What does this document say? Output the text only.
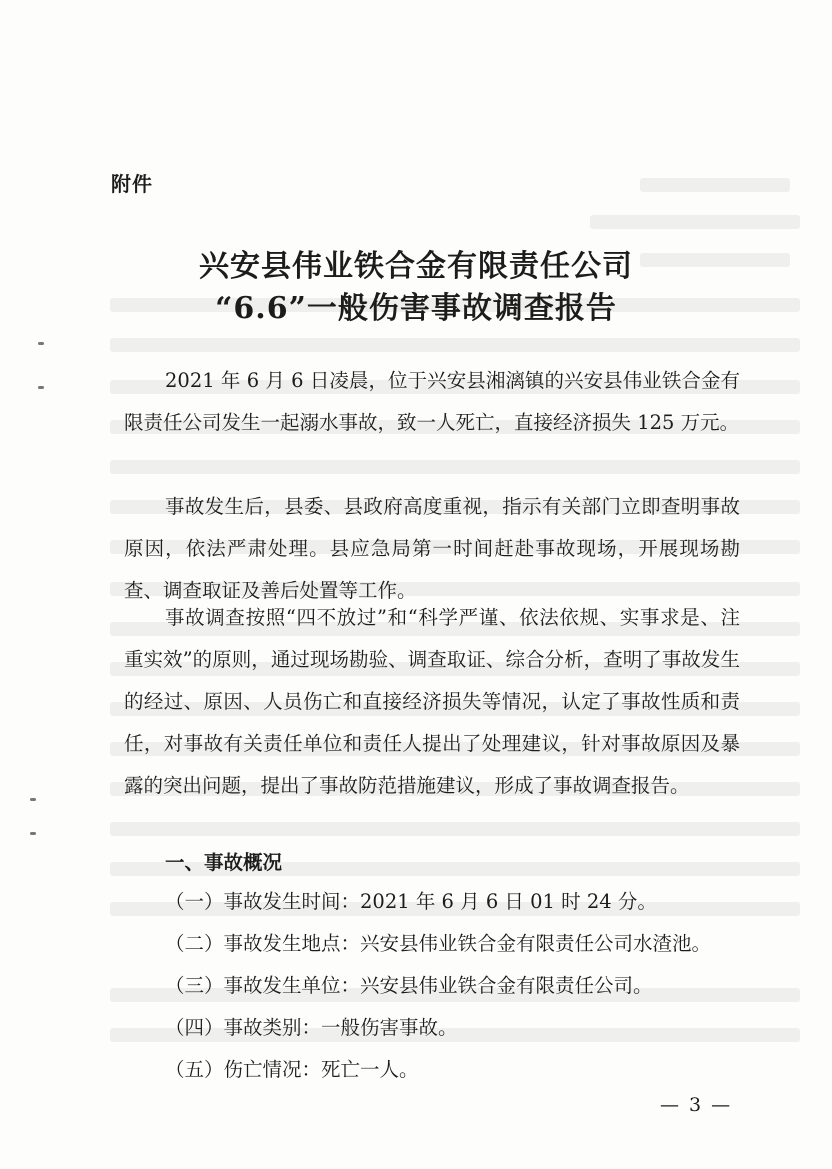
附件
兴安县伟业铁合金有限责任公司
“6.6”一般伤害事故调查报告

2021 年 6 月 6 日凌晨，位于兴安县湘漓镇的兴安县伟业铁合金有限责任公司发生一起溺水事故，致一人死亡，直接经济损失 125 万元。

事故发生后，县委、县政府高度重视，指示有关部门立即查明事故原因，依法严肃处理。县应急局第一时间赶赴事故现场，开展现场勘查、调查取证及善后处置等工作。

事故调查按照“四不放过”和“科学严谨、依法依规、实事求是、注重实效”的原则，通过现场勘验、调查取证、综合分析，查明了事故发生的经过、原因、人员伤亡和直接经济损失等情况，认定了事故性质和责任，对事故有关责任单位和责任人提出了处理建议，针对事故原因及暴露的突出问题，提出了事故防范措施建议，形成了事故调查报告。

一、事故概况
（一）事故发生时间：2021 年 6 月 6 日 01 时 24 分。
（二）事故发生地点：兴安县伟业铁合金有限责任公司水渣池。
（三）事故发生单位：兴安县伟业铁合金有限责任公司。
（四）事故类别：一般伤害事故。
（五）伤亡情况：死亡一人。
— 3 —
